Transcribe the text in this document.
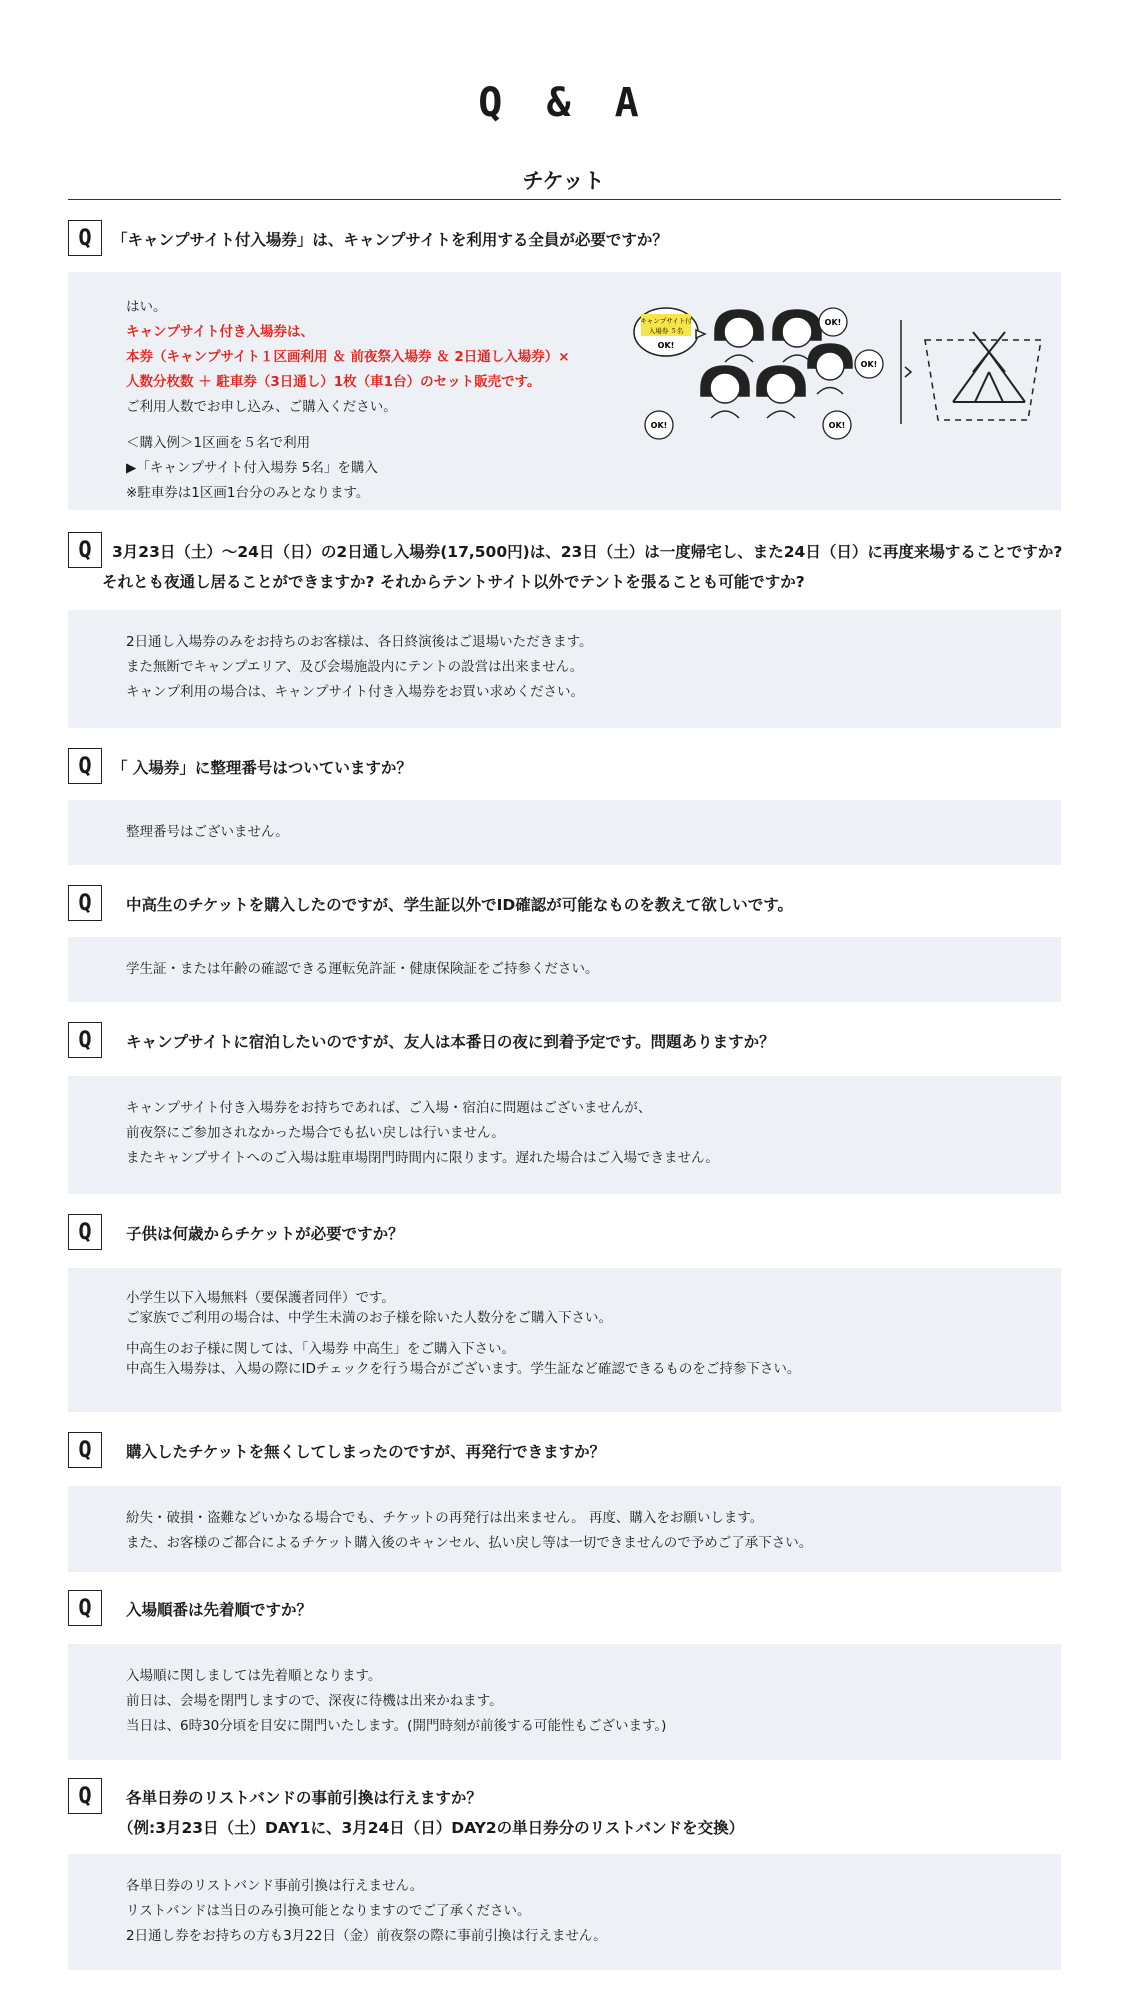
Q & A
チケット
Q	「キャンプサイト付入場券」は、キャンプサイトを利用する全員が必要ですか？
はい。
キャンプサイト付き入場券は、
本券（キャンプサイト１区画利用 ＆ 前夜祭入場券 ＆ 2日通し入場券）×
人数分枚数 ＋ 駐車券（3日通し）1枚（車1台）のセット販売です。
ご利用人数でお申し込み、ご購入ください。
＜購入例＞1区画を５名で利用
▶「キャンプサイト付入場券 5名」を購入
※駐車券は1区画1台分のみとなります。
キャンプサイト付
入場券 ５名
OK!
OK!
OK!
OK!	OK!
Q	3月23日（土）〜24日（日）の2日通し入場券(17,500円)は、23日（土）は一度帰宅し、また24日（日）に再度来場することですか?
それとも夜通し居ることができますか? それからテントサイト以外でテントを張ることも可能ですか?
2日通し入場券のみをお持ちのお客様は、各日終演後はご退場いただきます。
また無断でキャンプエリア、及び会場施設内にテントの設営は出来ません。
キャンプ利用の場合は、キャンプサイト付き入場券をお買い求めください。
Q	「 入場券」に整理番号はついていますか？
整理番号はございません。
Q	中高生のチケットを購入したのですが、学生証以外でID確認が可能なものを教えて欲しいです。
学生証・または年齢の確認できる運転免許証・健康保険証をご持参ください。
Q	キャンプサイトに宿泊したいのですが、友人は本番日の夜に到着予定です。問題ありますか？
キャンプサイト付き入場券をお持ちであれば、ご入場・宿泊に問題はございませんが、
前夜祭にご参加されなかった場合でも払い戻しは行いません。
またキャンプサイトへのご入場は駐車場閉門時間内に限ります。遅れた場合はご入場できません。
Q	子供は何歳からチケットが必要ですか？
小学生以下入場無料（要保護者同伴）です。
ご家族でご利用の場合は、中学生未満のお子様を除いた人数分をご購入下さい。
中高生のお子様に関しては、「入場券 中高生」をご購入下さい。
中高生入場券は、入場の際にIDチェックを行う場合がございます。学生証など確認できるものをご持参下さい。
Q	購入したチケットを無くしてしまったのですが、再発行できますか？
紛失・破損・盗難などいかなる場合でも、チケットの再発行は出来ません。 再度、購入をお願いします。
また、お客様のご都合によるチケット購入後のキャンセル、払い戻し等は一切できませんので予めご了承下さい。
Q	入場順番は先着順ですか？
入場順に関しましては先着順となります。
前日は、会場を閉門しますので、深夜に待機は出来かねます。
当日は、6時30分頃を目安に開門いたします。(開門時刻が前後する可能性もございます。)
Q	各単日券のリストバンドの事前引換は行えますか？
（例:3月23日（土）DAY1に、3月24日（日）DAY2の単日券分のリストバンドを交換）
各単日券のリストバンド事前引換は行えません。
リストバンドは当日のみ引換可能となりますのでご了承ください。
2日通し券をお持ちの方も3月22日（金）前夜祭の際に事前引換は行えません。
